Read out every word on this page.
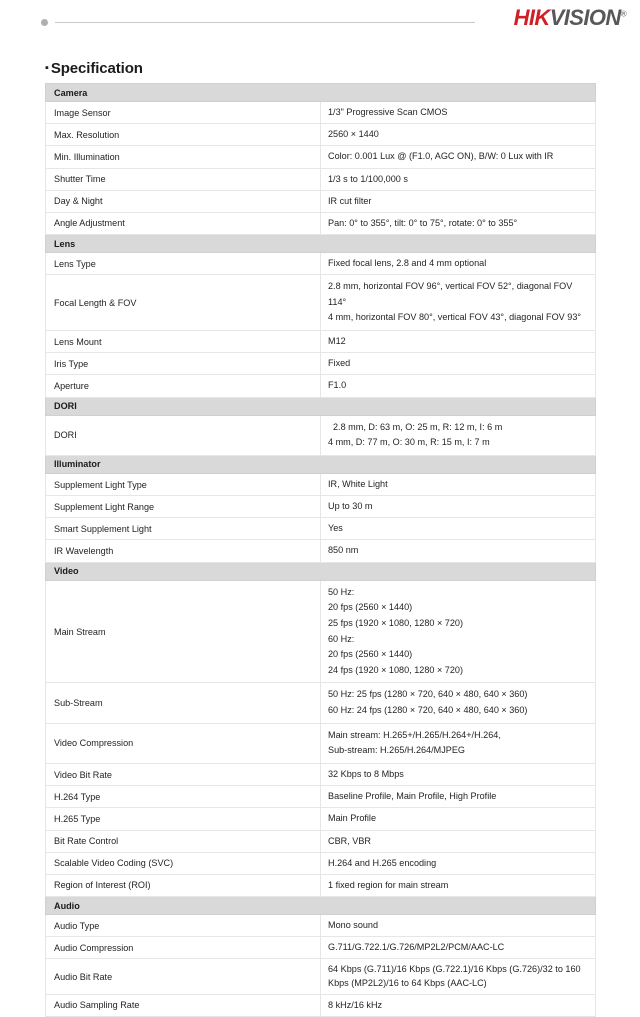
HIKVISION®
▪ Specification
Camera	
Image Sensor	1/3" Progressive Scan CMOS

Max. Resolution	2560 × 1440

Min. Illumination	Color: 0.001 Lux @ (F1.0, AGC ON), B/W: 0 Lux with IR

Shutter Time	1/3 s to 1/100,000 s

Day & Night	IR cut filter

Angle Adjustment	Pan: 0° to 355°, tilt: 0° to 75°, rotate: 0° to 355°

Lens	
Lens Type	Fixed focal lens, 2.8 and 4 mm optional

Focal Length & FOV	2.8 mm, horizontal FOV 96°, vertical FOV 52°, diagonal FOV 114°
4 mm, horizontal FOV 80°, vertical FOV 43°, diagonal FOV 93°

Lens Mount	M12

Iris Type	Fixed

Aperture	F1.0

DORI	
DORI	2.8 mm, D: 63 m, O: 25 m, R: 12 m, I: 6 m
4 mm, D: 77 m, O: 30 m, R: 15 m, I: 7 m

Illuminator	
Supplement Light Type	IR, White Light

Supplement Light Range	Up to 30 m

Smart Supplement Light	Yes

IR Wavelength	850 nm

Video	
Main Stream	
50 Hz:
20 fps (2560 × 1440)
25 fps (1920 × 1080, 1280 × 720)
60 Hz:
20 fps (2560 × 1440)
24 fps (1920 × 1080, 1280 × 720)

Sub-Stream	50 Hz: 25 fps (1280 × 720, 640 × 480, 640 × 360)
60 Hz: 24 fps (1280 × 720, 640 × 480, 640 × 360)

Video Compression	Main stream: H.265+/H.265/H.264+/H.264,
Sub-stream: H.265/H.264/MJPEG

Video Bit Rate	32 Kbps to 8 Mbps

H.264 Type	Baseline Profile, Main Profile, High Profile

H.265 Type	Main Profile

Bit Rate Control	CBR, VBR

Scalable Video Coding (SVC)	H.264 and H.265 encoding

Region of Interest (ROI)	1 fixed region for main stream

Audio	
Audio Type	Mono sound

Audio Compression	G.711/G.722.1/G.726/MP2L2/PCM/AAC-LC

Audio Bit Rate	64 Kbps (G.711)/16 Kbps (G.722.1)/16 Kbps (G.726)/32 to 160 Kbps (MP2L2)/16 to 64 Kbps (AAC-LC)

Audio Sampling Rate	8 kHz/16 kHz
